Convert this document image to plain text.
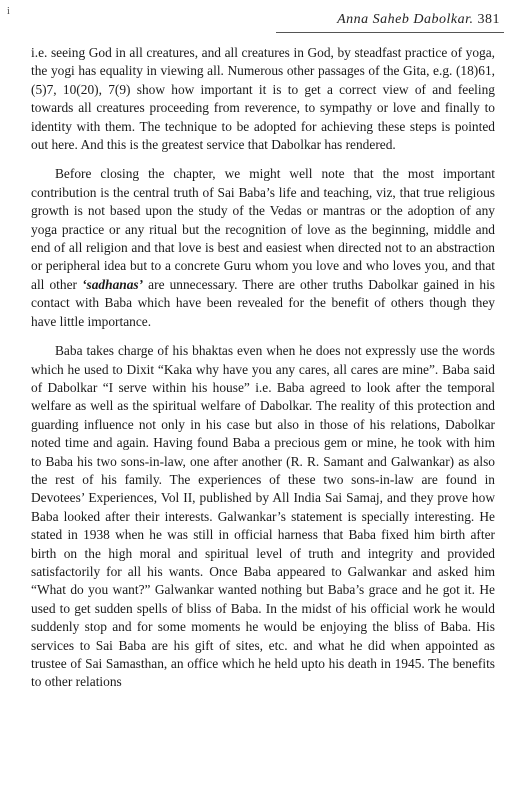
i
Anna Saheb Dabolkar. 381

i.e. seeing God in all creatures, and all creatures in God, by steadfast practice of yoga, the yogi has equality in viewing all. Numerous other passages of the Gita, e.g. (18)61, (5)7, 10(20), 7(9) show how important it is to get a correct view of and feeling towards all creatures proceeding from reverence, to sympathy or love and finally to identity with them. The technique to be adopted for achieving these steps is pointed out here. And this is the greatest service that Dabolkar has rendered.

Before closing the chapter, we might well note that the most important contribution is the central truth of Sai Baba’s life and teaching, viz, that true religious growth is not based upon the study of the Vedas or mantras or the adoption of any yoga practice or any ritual but the recognition of love as the beginning, middle and end of all religion and that love is best and easiest when directed not to an abstraction or peripheral idea but to a concrete Guru whom you love and who loves you, and that all other ‘sadhanas’ are unnecessary. There are other truths Dabolkar gained in his contact with Baba which have been revealed for the benefit of others though they have little importance.

Baba takes charge of his bhaktas even when he does not expressly use the words which he used to Dixit “Kaka why have you any cares, all cares are mine”. Baba said of Dabolkar “I serve within his house” i.e. Baba agreed to look after the temporal welfare as well as the spiritual welfare of Dabolkar. The reality of this protection and guarding influence not only in his case but also in those of his relations, Dabolkar noted time and again. Having found Baba a precious gem or mine, he took with him to Baba his two sons-in-law, one after another (R. R. Samant and Galwankar) as also the rest of his family. The experiences of these two sons-in-law are found in Devotees’ Experiences, Vol II, published by All India Sai Samaj, and they prove how Baba looked after their interests. Galwankar’s statement is specially interesting. He stated in 1938 when he was still in official harness that Baba fixed him birth after birth on the high moral and spiritual level of truth and integrity and provided satisfactorily for all his wants. Once Baba appeared to Galwankar and asked him “What do you want?” Galwankar wanted nothing but Baba’s grace and he got it. He used to get sudden spells of bliss of Baba. In the midst of his official work he would suddenly stop and for some moments he would be enjoying the bliss of Baba. His services to Sai Baba are his gift of sites, etc. and what he did when appointed as trustee of Sai Samasthan, an office which he held upto his death in 1945. The benefits to other relations
